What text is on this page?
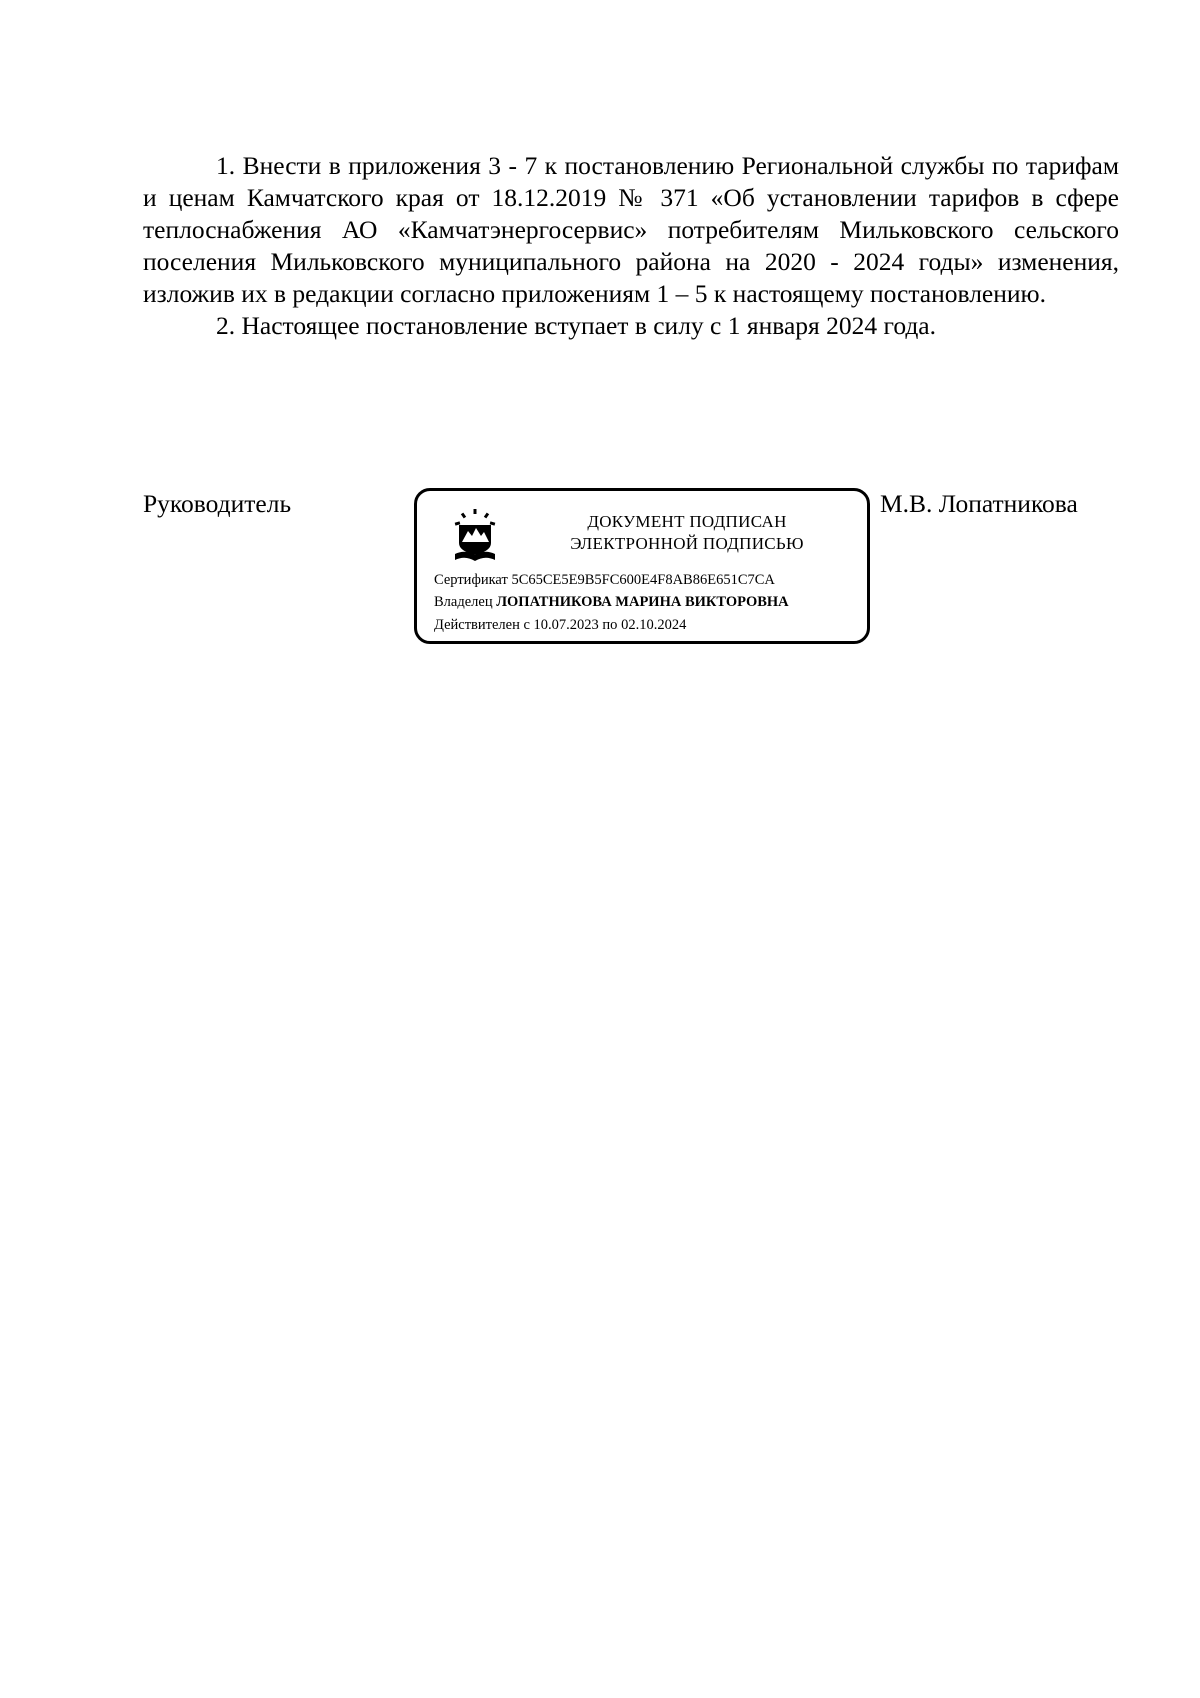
1. Внести в приложения 3 - 7 к постановлению Региональной службы по тарифам и ценам Камчатского края от 18.12.2019 № 371 «Об установлении тарифов в сфере теплоснабжения АО «Камчатэнергосервис» потребителям Мильковского сельского поселения Мильковского муниципального района на 2020 - 2024 годы» изменения, изложив их в редакции согласно приложениям 1 – 5 к настоящему постановлению.

2. Настоящее постановление вступает в силу с 1 января 2024 года.

Руководитель
ДОКУМЕНТ ПОДПИСАН
ЭЛЕКТРОННОЙ ПОДПИСЬЮ
Сертификат 5C65CE5E9B5FC600E4F8AB86E651C7CA
Владелец ЛОПАТНИКОВА МАРИНА ВИКТОРОВНА
Действителен с 10.07.2023 по 02.10.2024
М.В. Лопатникова
